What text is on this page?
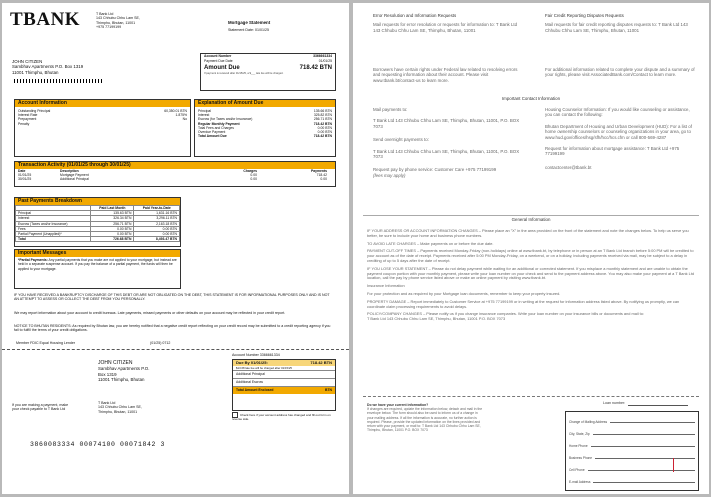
TBANK	T Bank Ltd
143 Chhubu Chhu Lam SE,
Thimphu, Bhutan, 11001
+975 77199199
Mortgage Statement
Statement Date: 01/01/25
JOHN CITIZEN
Sambhav Apartments P.O. Box 1319
11001 Thimphu, Bhutan
Account Number	3366661334
Payment Due Date	01/01/25
Amount Due	718.42 BTN
If payment is received after 01/15/25, a $___ late fee will be charged.
Account Information
Outstanding Principal	60,350.01 BTN
Interest Rate	1.875%
Prepayment	No
Penalty
Explanation of Amount Due
Principal	135.66 BTN
Interest	325.82 BTN
Escrow (for Taxes and/or Insurance)	256.71 BTN
Regular Monthly Payment	718.42 BTN
Total Fees and Charges	0.00 BTN
Overdue Payment	0.00 BTN
Total Amount Due	718.42 BTN
Transaction Activity (01/01/25 through 30/01/25)
Date	Description	Charges	Payments
01/01/25	Mortgage Payment	0.00	718.42
30/01/25	Additional Principal	0.00	0.00
Past Payments Breakdown
	Paid Last Month	Paid Year-to-Date
Principal	135.63 BTN	1,631.16 BTN
Interest	326.34 BTN	3,296.11 BTN
Escrow (Taxes and/or Insurance)	256.71 BTN	2,163.18 BTN
Fees	0.00 BTN	0.00 BTN
Partial Payment (Unapplied)*	0.00 BTN	0.00 BTN
Total	726.68 BTN	8,493.47 BTN
Important Messages
*Partial Payments: Any partial payments that you make are not applied to your mortgage, but instead are held in a separate suspense account. If you pay the balance of a partial payment, the funds will then be applied to your mortgage.
IF YOU HAVE RECEIVED A BANKRUPTCY DISCHARGE OF THIS DEBT OR ARE NOT OBLIGATED ON THE DEBT, THIS STATEMENT IS FOR INFORMATIONAL PURPOSES ONLY AND IS NOT AN ATTEMPT TO ASSESS OR COLLECT THE DEBT FROM YOU PERSONALLY.
We may report information about your account to credit bureaus. Late payments, missed payments or other defaults on your account may be reflected in your credit report.
NOTICE TO BHUTAN RESIDENTS: As required by Bhutan law, you are hereby notified that a negative credit report reflecting on your credit record may be submitted to a credit reporting agency if you fail to fulfill the terms of your credit obligations.
Member FDIC Equal Housing Lender	(01/25) 0712
JOHN CITIZEN
Sambhav Apartments P.O.
Box 1319
11001 Thimphu, Bhutan
If you are making a payment, make your check payable to T Bank Ltd
T Bank Ltd
143 Chhubu Chhu Lam SE,
Thimphu, Bhutan, 11001
Account Number 3366661334
Due By 01/01/25:	718.42 BTN
$13.68 late fee will be charged after 01/15/25
Additional Principal
Additional Escrow
Total Amount Enclosed	BTN
Check here if your account address has changed and fill out form on reverse side.
3860083334 00074100 00071842 3
Error Resolution and Information Requests
Mail requests for error resolution or requests for information to: T Bank Ltd 143 Chhubu Chhu Lam SE, Thimphu, Bhutan, 11001
Fair Credit Reporting Disputes Requests
Mail requests for fair credit reporting disputes requests to: T Bank Ltd 143 Chhubu Chhu Lam SE, Thimphu, Bhutan, 11001
Borrowers have certain rights under Federal law related to resolving errors and requesting information about their account. Please visit www.tbank.bt/contact-us to learn more.
For additional information related to complete your dispute and a summary of your rights, please visit AssociatedBank.com/Contact to learn more.
Important Contact Information
Mail payments to:
T Bank Ltd 143 Chhubu Chhu Lam SE, Thimphu, Bhutan, 11001, P.O. BOX 7073
Send overnight payments to:
T Bank Ltd 143 Chhubu Chhu Lam SE, Thimphu, Bhutan, 11001, P.O. BOX 7073
Request pay by phone service: Customer Care +975 77199199
(fees may apply)
Housing Counselor Information: If you would like counseling or assistance, you can contact the following:
Bhutan Department of Housing and Urban Development (HUD): For a list of home ownership counselors or counseling organizations in your area, go to www.hud.gov/offices/hsg/sfh/hcc/hcs.cfm or call 800-569-4287
Request for information about mortgage assistance: T Bank Ltd +975 77199199
contactcenter@tbank.bt
General Information
IF YOUR ADDRESS OR ACCOUNT INFORMATION CHANGES – Please place an "X" in the area provided on the front of the statement and note the changes below. To help us serve you better, be sure to include your home and business phone numbers.
TO AVOID LATE CHARGES – Make payments on or before the due date.
PAYMENT CUT-OFF TIMES – Payments received Monday-Friday (non-holidays) online at www.tbank.bt, by telephone or in person at an T Bank Ltd branch before 5:00 PM will be credited to your account as of the date of receipt. Payments received after 5:00 PM Monday-Friday, on a weekend, or on a holiday, including payments received via mail, may be subject to a delay in crediting of up to 5 days after the date of receipt.
IF YOU LOSE YOUR STATEMENT – Please do not delay payment while waiting for an additional or corrected statement. If you misplace a monthly statement and are unable to obtain the payment coupon portion with your monthly payment, please write your loan number on your check and send to the payment address above. You may also make your payment at a T Bank Ltd location, call the pay by phone service listed above or make an online payment by visiting www.tbank.bt.
Insurance Information
For your protection and as required by your Mortgage loan documents, remember to keep your property insured.
PROPERTY DAMAGE – Report immediately to Customer Service at +975 77199199 or in writing at the request for information address listed above. By notifying us promptly, we can coordinate claim processing requirements to avoid delays.
POLICY/COMPANY CHANGES – Please notify us if you change insurance companies. Write your loan number on your insurance bills or documents and mail to:
T Bank Ltd 143 Chhubu Chhu Lam SE, Thimphu, Bhutan, 11001 P.O. BOX 7073
Do we have your current information?
If changes are required, update the information below, detach and mail in the envelope below. The form should also be used to inform us of a change in your mailing address. If all the information is accurate, no further action is required. Please, provide the updated information on the lines provided and return with your payment, or mail to: T Bank Ltd 143 Chhubu Chhu Lam SE, Thimphu, Bhutan, 11001 P.O. BOX 7073
Loan number:
Change of Mailing Address
City, State, Zip
Home Phone
Business Phone
Cell Phone
E-mail Address
